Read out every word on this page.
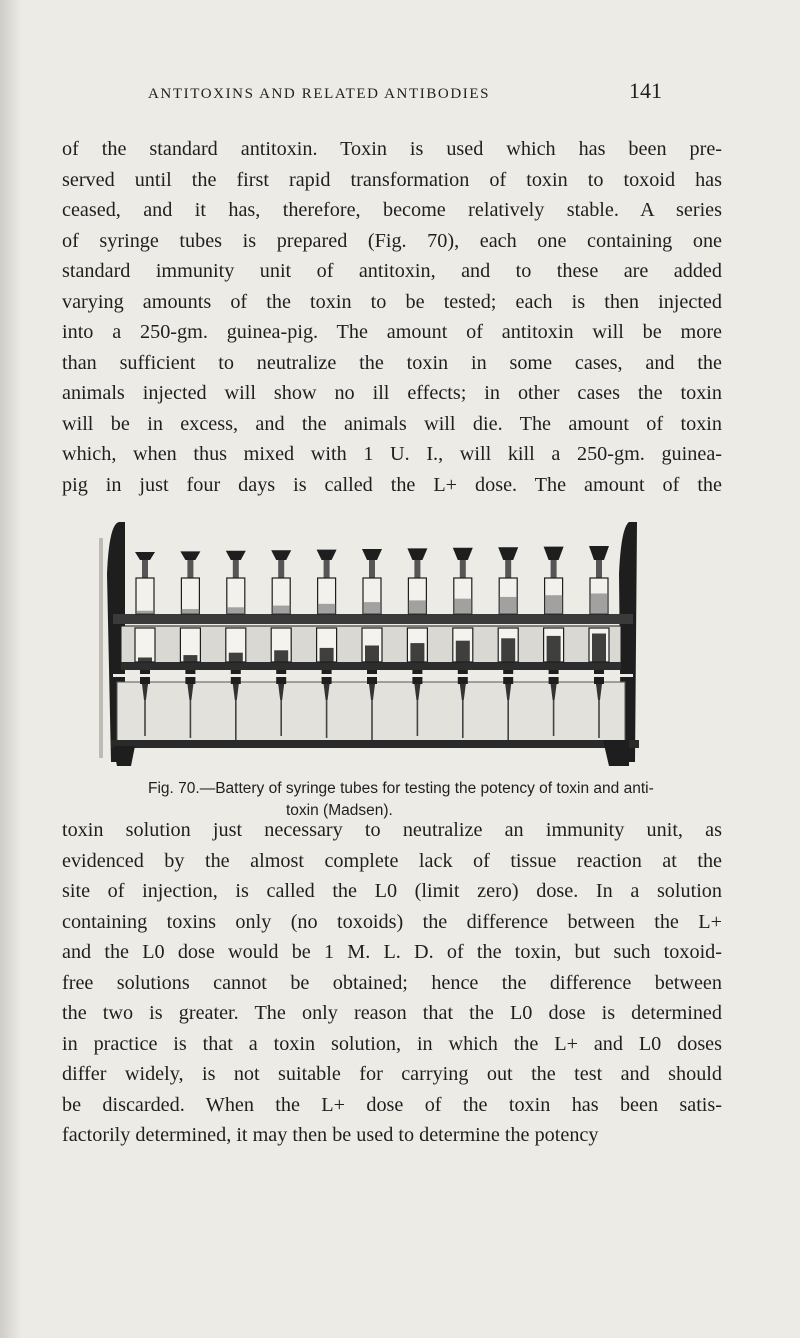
ANTITOXINS AND RELATED ANTIBODIES	141
of the standard antitoxin. Toxin is used which has been pre-
served until the first rapid transformation of toxin to toxoid has
ceased, and it has, therefore, become relatively stable. A series
of syringe tubes is prepared (Fig. 70), each one containing one
standard immunity unit of antitoxin, and to these are added
varying amounts of the toxin to be tested; each is then injected
into a 250-gm. guinea-pig. The amount of antitoxin will be more
than sufficient to neutralize the toxin in some cases, and the
animals injected will show no ill effects; in other cases the toxin
will be in excess, and the animals will die. The amount of toxin
which, when thus mixed with 1 U. I., will kill a 250-gm. guinea-
pig in just four days is called the L+ dose. The amount of the
Fig. 70.—Battery of syringe tubes for testing the potency of toxin and anti-
toxin (Madsen).
toxin solution just necessary to neutralize an immunity unit, as
evidenced by the almost complete lack of tissue reaction at the
site of injection, is called the L0 (limit zero) dose. In a solution
containing toxins only (no toxoids) the difference between the L+
and the L0 dose would be 1 M. L. D. of the toxin, but such toxoid-
free solutions cannot be obtained; hence the difference between
the two is greater. The only reason that the L0 dose is determined
in practice is that a toxin solution, in which the L+ and L0 doses
differ widely, is not suitable for carrying out the test and should
be discarded. When the L+ dose of the toxin has been satis-
factorily determined, it may then be used to determine the potency
